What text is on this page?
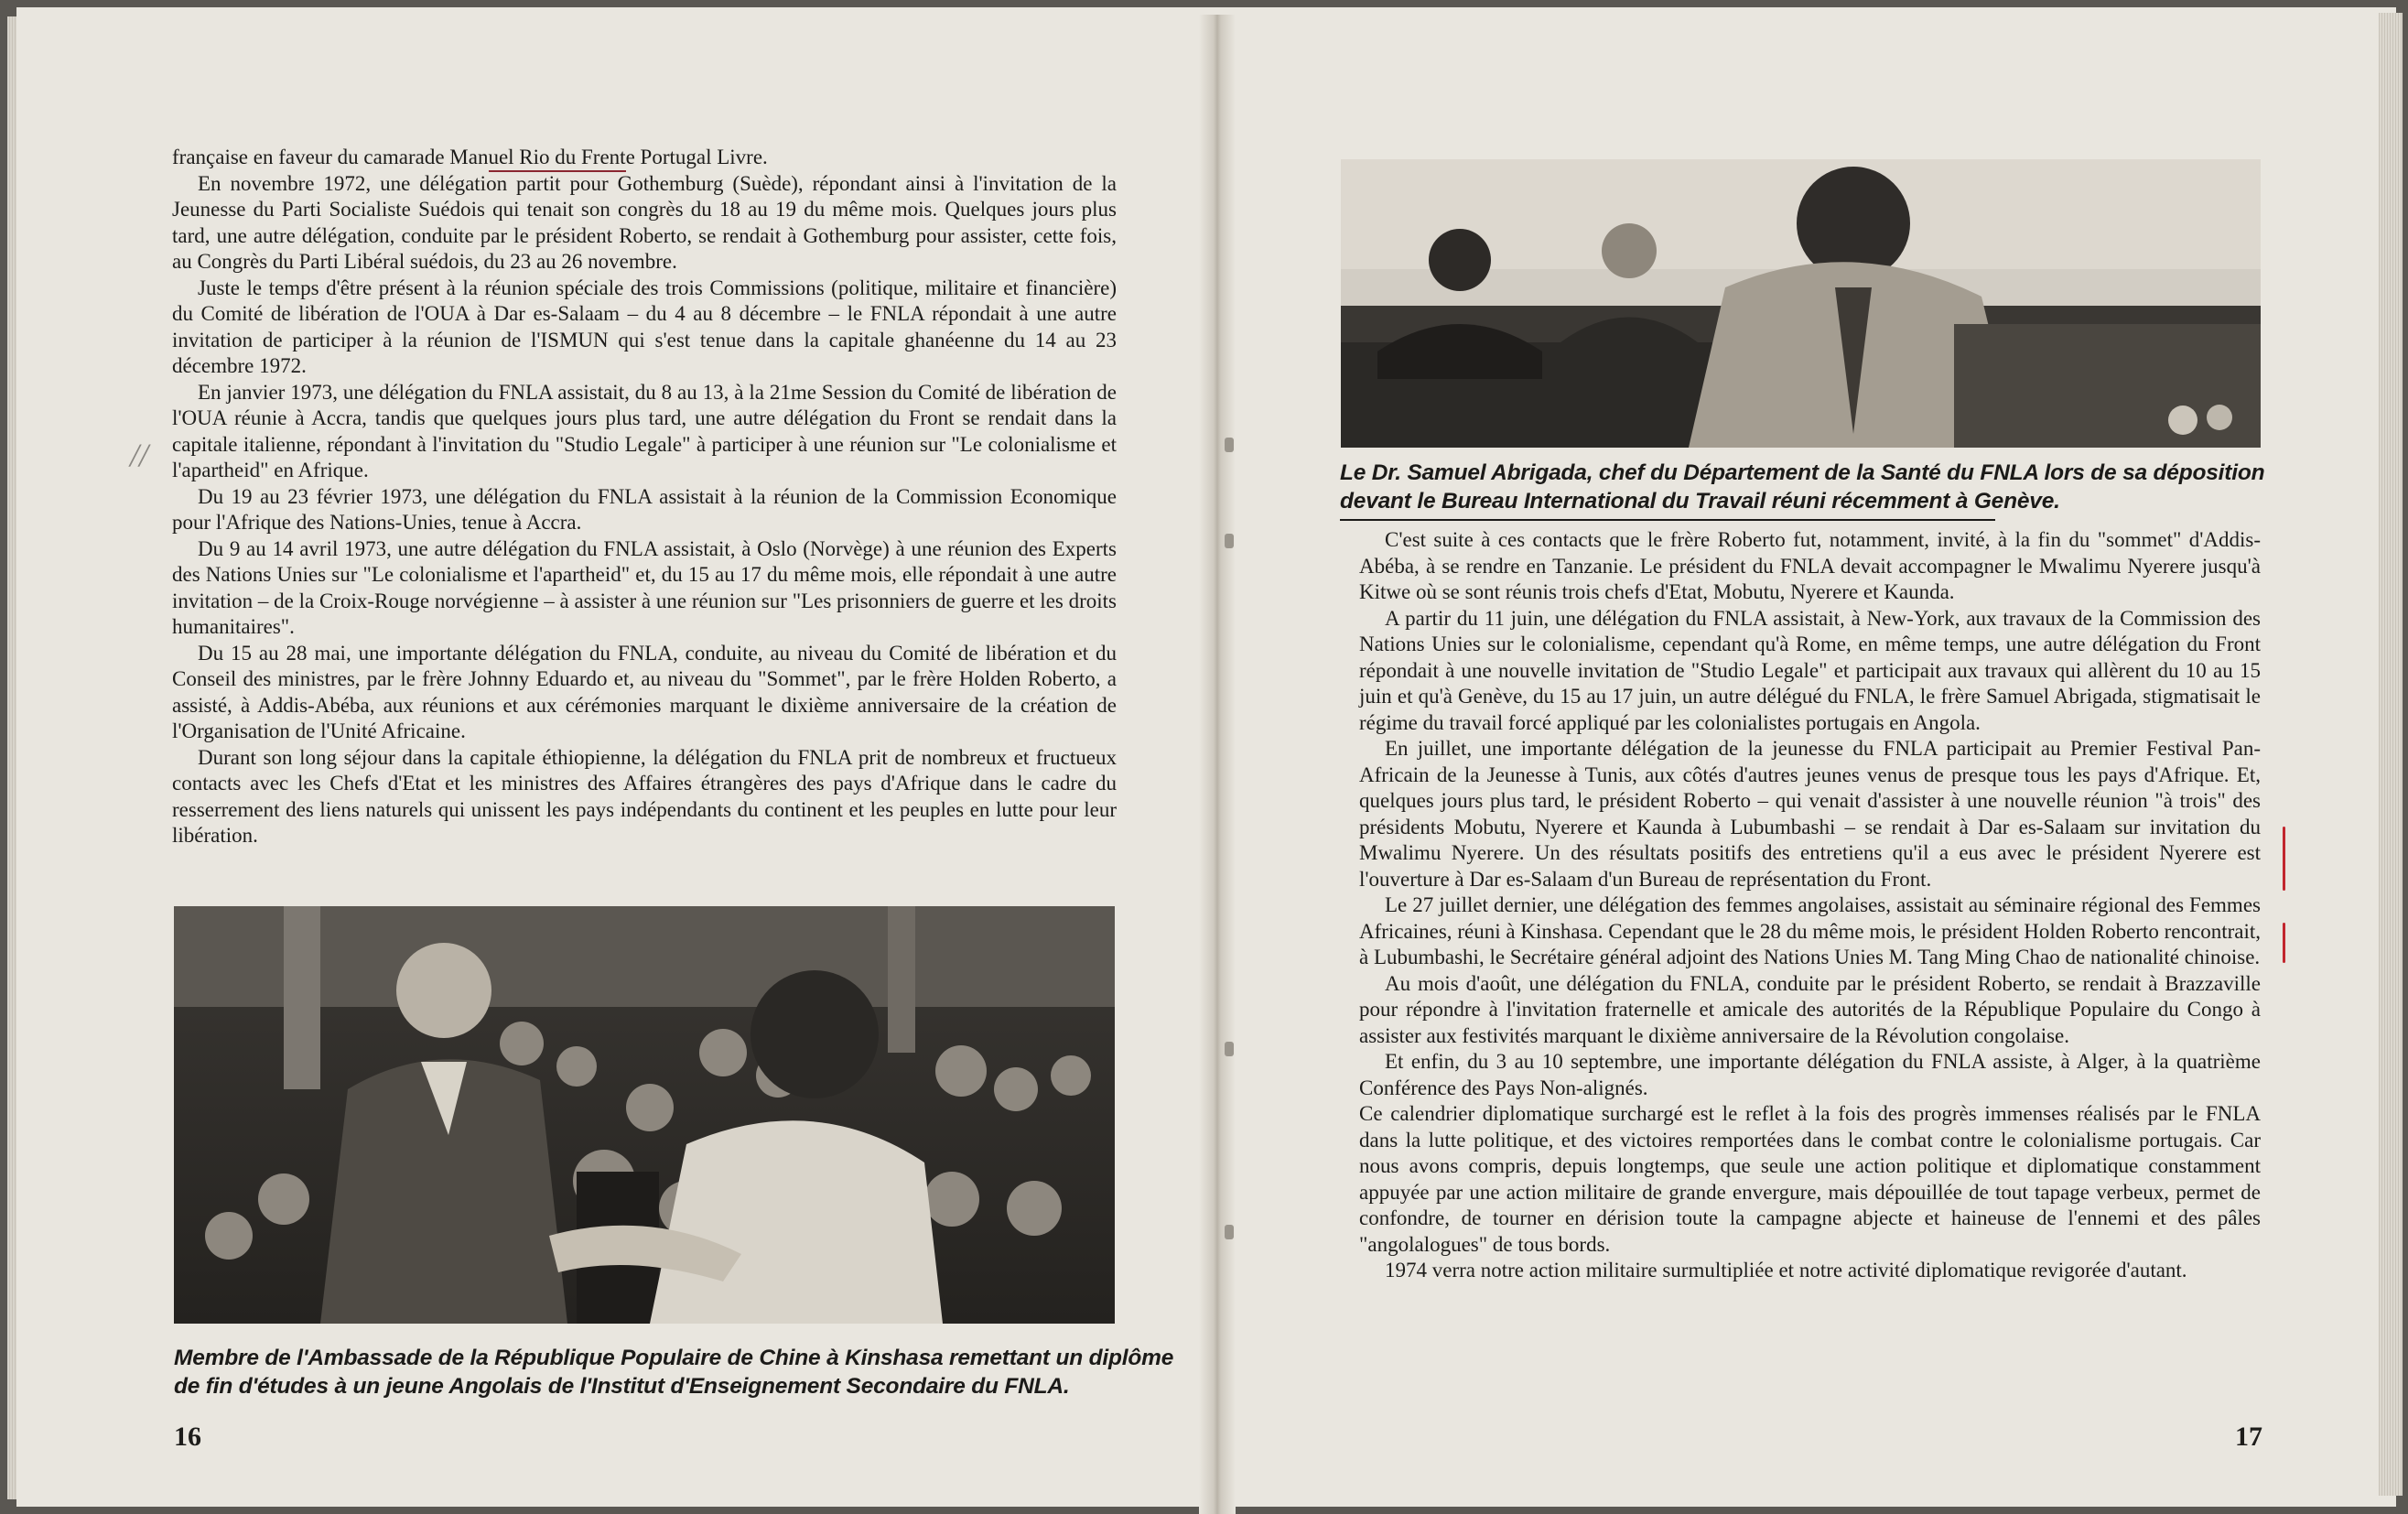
française en faveur du camarade Manuel Rio du Frente Portugal Livre.

En novembre 1972, une délégation partit pour Gothemburg (Suède), répondant ainsi à l'invitation de la Jeunesse du Parti Socialiste Suédois qui tenait son congrès du 18 au 19 du même mois. Quelques jours plus tard, une autre délégation, conduite par le président Roberto, se rendait à Gothemburg pour assister, cette fois, au Congrès du Parti Libéral suédois, du 23 au 26 novembre.

Juste le temps d'être présent à la réunion spéciale des trois Commissions (politique, militaire et financière) du Comité de libération de l'OUA à Dar es-Salaam – du 4 au 8 décembre – le FNLA répondait à une autre invitation de participer à la réunion de l'ISMUN qui s'est tenue dans la capitale ghanéenne du 14 au 23 décembre 1972.

En janvier 1973, une délégation du FNLA assistait, du 8 au 13, à la 21me Session du Comité de libération de l'OUA réunie à Accra, tandis que quelques jours plus tard, une autre délégation du Front se rendait dans la capitale italienne, répondant à l'invitation du "Studio Legale" à participer à une réunion sur "Le colonialisme et l'apartheid" en Afrique.

Du 19 au 23 février 1973, une délégation du FNLA assistait à la réunion de la Commission Economique pour l'Afrique des Nations-Unies, tenue à Accra.

Du 9 au 14 avril 1973, une autre délégation du FNLA assistait, à Oslo (Norvège) à une réunion des Experts des Nations Unies sur "Le colonialisme et l'apartheid" et, du 15 au 17 du même mois, elle répondait à une autre invitation – de la Croix-Rouge norvégienne – à assister à une réunion sur "Les prisonniers de guerre et les droits humanitaires".

Du 15 au 28 mai, une importante délégation du FNLA, conduite, au niveau du Comité de libération et du Conseil des ministres, par le frère Johnny Eduardo et, au niveau du "Sommet", par le frère Holden Roberto, a assisté, à Addis-Abéba, aux réunions et aux cérémonies marquant le dixième anniversaire de la création de l'Organisation de l'Unité Africaine.

Durant son long séjour dans la capitale éthiopienne, la délégation du FNLA prit de nombreux et fructueux contacts avec les Chefs d'Etat et les ministres des Affaires étrangères des pays d'Afrique dans le cadre du resserrement des liens naturels qui unissent les pays indépendants du continent et les peuples en lutte pour leur libération.

//
Membre de l'Ambassade de la République Populaire de Chine à Kinshasa remettant un diplôme
de fin d'études à un jeune Angolais de l'Institut d'Enseignement Secondaire du FNLA.
16
Le Dr. Samuel Abrigada, chef du Département de la Santé du FNLA lors de sa déposition
devant le Bureau International du Travail réuni récemment à Genève.

C'est suite à ces contacts que le frère Roberto fut, notamment, invité, à la fin du "sommet" d'Addis- Abéba, à se rendre en Tanzanie. Le président du FNLA devait accompagner le Mwalimu Nyerere jusqu'à Kitwe où se sont réunis trois chefs d'Etat, Mobutu, Nyerere et Kaunda.

A partir du 11 juin, une délégation du FNLA assistait, à New-York, aux travaux de la Commission des Nations Unies sur le colonialisme, cependant qu'à Rome, en même temps, une autre délégation du Front répondait à une nouvelle invitation de "Studio Legale" et participait aux travaux qui allèrent du 10 au 15 juin et qu'à Genève, du 15 au 17 juin, un autre délégué du FNLA, le frère Samuel Abrigada, stigmatisait le régime du travail forcé appliqué par les colonialistes portugais en Angola.

En juillet, une importante délégation de la jeunesse du FNLA participait au Premier Festival Pan-Africain de la Jeunesse à Tunis, aux côtés d'autres jeunes venus de presque tous les pays d'Afrique. Et, quelques jours plus tard, le président Roberto – qui venait d'assister à une nouvelle réunion "à trois" des présidents Mobutu, Nyerere et Kaunda à Lubumbashi – se rendait à Dar es-Salaam sur invitation du Mwalimu Nyerere. Un des résultats positifs des entretiens qu'il a eus avec le président Nyerere est l'ouverture à Dar es-Salaam d'un Bureau de représentation du Front.

Le 27 juillet dernier, une délégation des femmes angolaises, assistait au séminaire régional des Femmes Africaines, réuni à Kinshasa. Cependant que le 28 du même mois, le président Holden Roberto rencontrait, à Lubumbashi, le Secrétaire général adjoint des Nations Unies M. Tang Ming Chao de nationalité chinoise.

Au mois d'août, une délégation du FNLA, conduite par le président Roberto, se rendait à Brazzaville pour répondre à l'invitation fraternelle et amicale des autorités de la République Populaire du Congo à assister aux festivités marquant le dixième anniversaire de la Révolution congolaise.

Et enfin, du 3 au 10 septembre, une importante délégation du FNLA assiste, à Alger, à la quatrième Conférence des Pays Non-alignés.

Ce calendrier diplomatique surchargé est le reflet à la fois des progrès immenses réalisés par le FNLA dans la lutte politique, et des victoires remportées dans le combat contre le colonialisme portugais. Car nous avons compris, depuis longtemps, que seule une action politique et diplomatique constamment appuyée par une action militaire de grande envergure, mais dépouillée de tout tapage verbeux, permet de confondre, de tourner en dérision toute la campagne abjecte et haineuse de l'ennemi et des pâles "angolalogues" de tous bords.

1974 verra notre action militaire surmultipliée et notre activité diplomatique revigorée d'autant.

17
